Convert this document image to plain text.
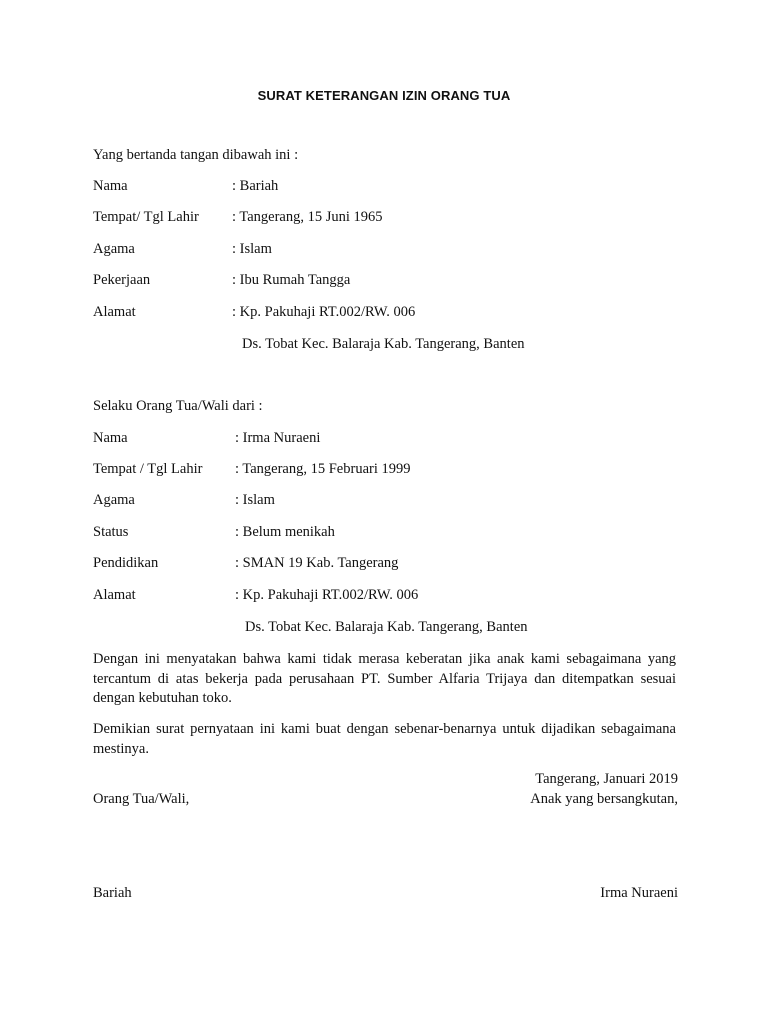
SURAT KETERANGAN IZIN ORANG TUA
Yang bertanda tangan dibawah ini :
Nama	: Bariah
Tempat/ Tgl Lahir : Tangerang, 15 Juni 1965
Agama	: Islam
Pekerjaan	: Ibu Rumah Tangga
Alamat	: Kp. Pakuhaji RT.002/RW. 006
Ds. Tobat Kec. Balaraja Kab. Tangerang, Banten
Selaku Orang Tua/Wali dari :
Nama	: Irma Nuraeni
Tempat / Tgl Lahir : Tangerang, 15 Februari 1999
Agama	: Islam
Status	: Belum menikah
Pendidikan	: SMAN 19 Kab. Tangerang
Alamat	: Kp. Pakuhaji RT.002/RW. 006
Ds. Tobat Kec. Balaraja Kab. Tangerang, Banten
Dengan ini menyatakan bahwa kami tidak merasa keberatan jika anak kami sebagaimana yang tercantum di atas bekerja pada perusahaan PT. Sumber Alfaria Trijaya dan ditempatkan sesuai dengan kebutuhan toko.
Demikian surat pernyataan ini kami buat dengan sebenar-benarnya untuk dijadikan sebagaimana mestinya.
Tangerang, Januari 2019
Orang Tua/Wali,	Anak yang bersangkutan,
Bariah	Irma Nuraeni
